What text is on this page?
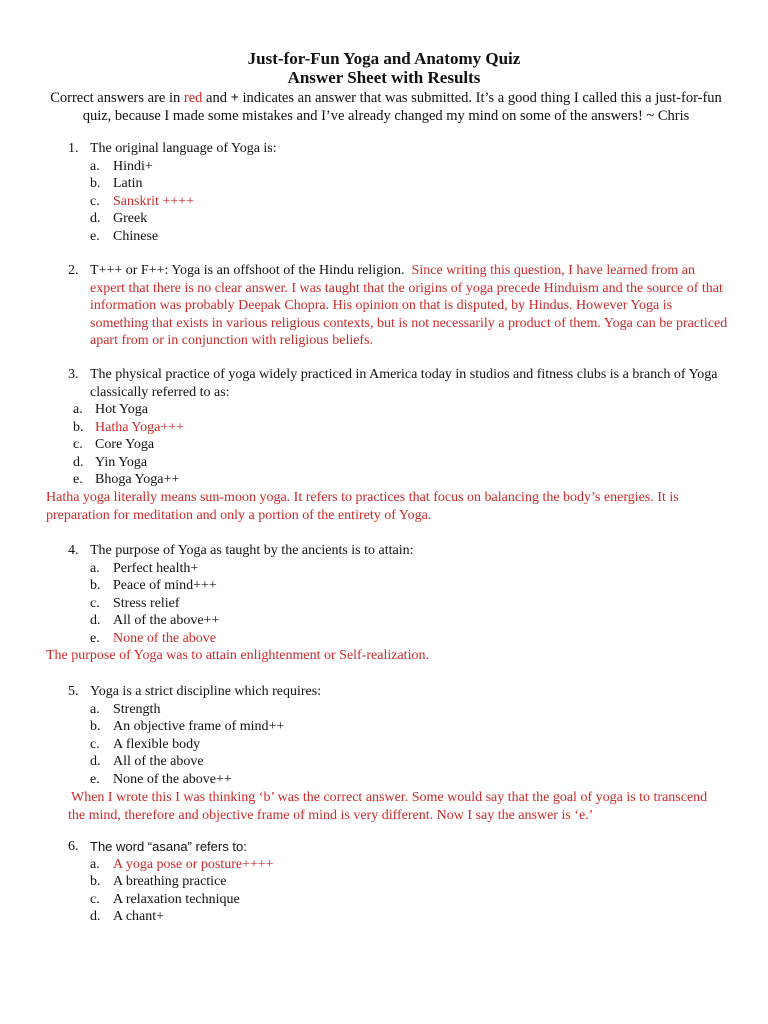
Just-for-Fun Yoga and Anatomy Quiz
Answer Sheet with Results
Correct answers are in red and + indicates an answer that was submitted. It’s a good thing I called this a just-for-fun quiz, because I made some mistakes and I’ve already changed my mind on some of the answers! ~ Chris
1. The original language of Yoga is:
a. Hindi+
b. Latin
c. Sanskrit ++++
d. Greek
e. Chinese
2. T+++ or F++: Yoga is an offshoot of the Hindu religion. Since writing this question, I have learned from an expert that there is no clear answer. I was taught that the origins of yoga precede Hinduism and the source of that information was probably Deepak Chopra. His opinion on that is disputed, by Hindus. However Yoga is something that exists in various religious contexts, but is not necessarily a product of them. Yoga can be practiced apart from or in conjunction with religious beliefs.
3. The physical practice of yoga widely practiced in America today in studios and fitness clubs is a branch of Yoga classically referred to as:
a. Hot Yoga
b. Hatha Yoga+++
c. Core Yoga
d. Yin Yoga
e. Bhoga Yoga++
Hatha yoga literally means sun-moon yoga. It refers to practices that focus on balancing the body’s energies. It is preparation for meditation and only a portion of the entirety of Yoga.
4. The purpose of Yoga as taught by the ancients is to attain:
a. Perfect health+
b. Peace of mind+++
c. Stress relief
d. All of the above++
e. None of the above
The purpose of Yoga was to attain enlightenment or Self-realization.
5. Yoga is a strict discipline which requires:
a. Strength
b. An objective frame of mind++
c. A flexible body
d. All of the above
e. None of the above++
When I wrote this I was thinking ‘b’ was the correct answer. Some would say that the goal of yoga is to transcend the mind, therefore and objective frame of mind is very different. Now I say the answer is ‘e.’
6. The word “asana” refers to:
a. A yoga pose or posture++++
b. A breathing practice
c. A relaxation technique
d. A chant+
